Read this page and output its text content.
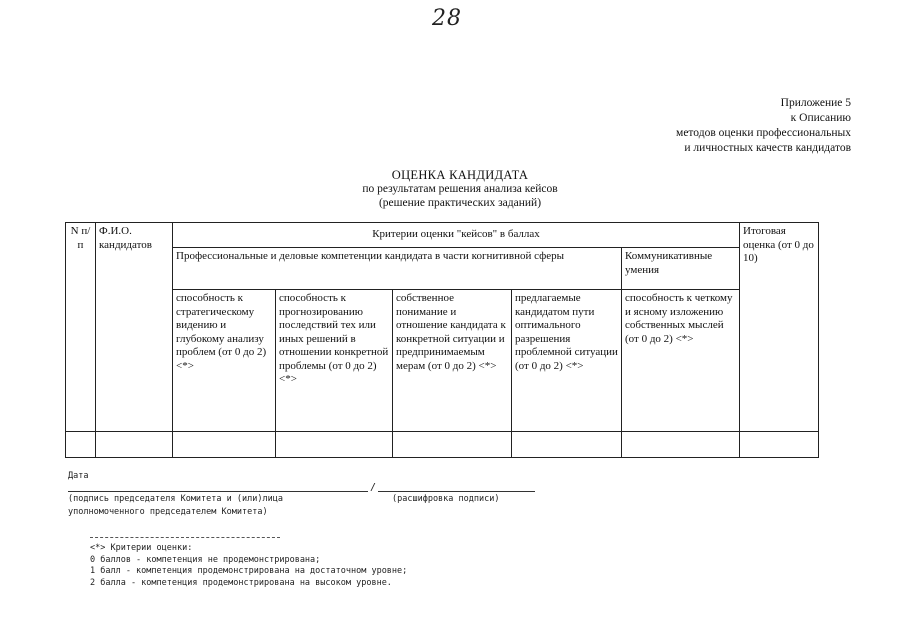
28
Приложение 5
к Описанию
методов оценки профессиональных
и личностных качеств кандидатов
ОЦЕНКА КАНДИДАТА
по результатам решения анализа кейсов
(решение практических заданий)
N п/п	Ф.И.О. кандидатов	Критерии оценки "кейсов" в баллах					Итоговая оценка (от 0 до 10)
		Профессиональные и деловые компетенции кандидата в части когнитивной сферы				Коммуникативные умения	
		способность к стратегическому видению и глубокому анализу проблем (от 0 до 2) <*>	способность к прогнозированию последствий тех или иных решений в отношении конкретной проблемы (от 0 до 2) <*>	собственное понимание и отношение кандидата к конкретной ситуации и предпринимаемым мерам (от 0 до 2) <*>	предлагаемые кандидатом пути оптимального разрешения проблемной ситуации (от 0 до 2) <*>	способность к четкому и ясному изложению собственных мыслей (от 0 до 2) <*>	

Дата
/
(подпись председателя Комитета и (или)лица
уполномоченного председателем Комитета)
(расшифровка подписи)
<*> Критерии оценки:
0 баллов - компетенция не продемонстрирована;
1 балл - компетенция продемонстрирована на достаточном уровне;
2 балла - компетенция продемонстрирована на высоком уровне.
